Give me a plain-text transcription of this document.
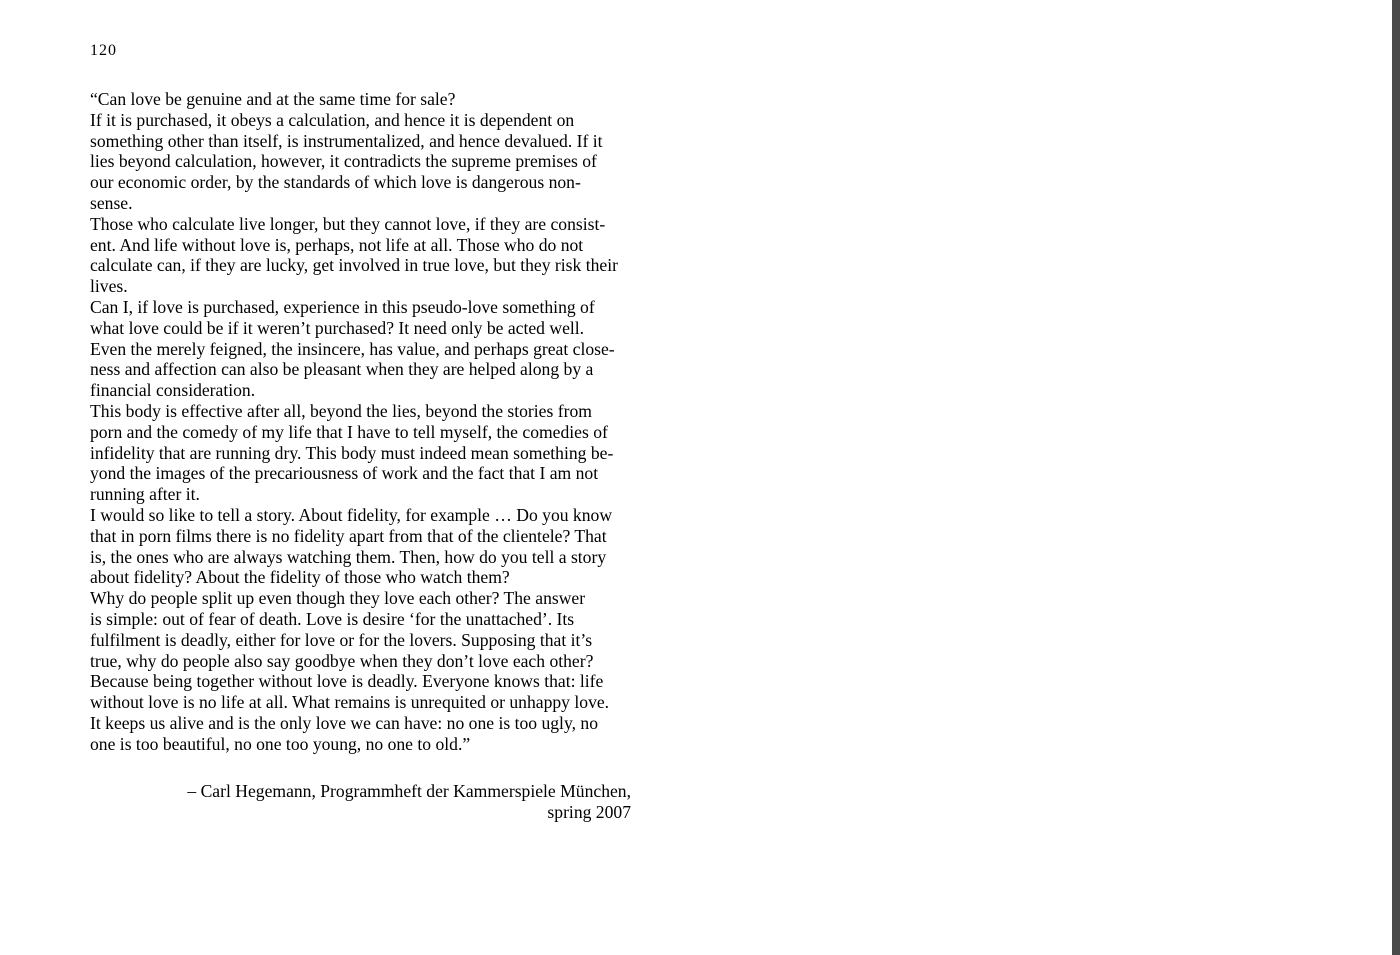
120
“Can love be genuine and at the same time for sale?
If it is purchased, it obeys a calculation, and hence it is dependent on
something other than itself, is instrumentalized, and hence devalued. If it
lies beyond calculation, however, it contradicts the supreme premises of
our economic order, by the standards of which love is dangerous non-
sense.
Those who calculate live longer, but they cannot love, if they are consist-
ent. And life without love is, perhaps, not life at all. Those who do not
calculate can, if they are lucky, get involved in true love, but they risk their
lives.
Can I, if love is purchased, experience in this pseudo-love something of
what love could be if it weren’t purchased? It need only be acted well.
Even the merely feigned, the insincere, has value, and perhaps great close-
ness and affection can also be pleasant when they are helped along by a
financial consideration.
This body is effective after all, beyond the lies, beyond the stories from
porn and the comedy of my life that I have to tell myself, the comedies of
infidelity that are running dry. This body must indeed mean something be-
yond the images of the precariousness of work and the fact that I am not
running after it.
I would so like to tell a story. About fidelity, for example … Do you know
that in porn films there is no fidelity apart from that of the clientele? That
is, the ones who are always watching them. Then, how do you tell a story
about fidelity? About the fidelity of those who watch them?
Why do people split up even though they love each other? The answer
is simple: out of fear of death. Love is desire ‘for the unattached’. Its
fulfilment is deadly, either for love or for the lovers. Supposing that it’s
true, why do people also say goodbye when they don’t love each other?
Because being together without love is deadly. Everyone knows that: life
without love is no life at all. What remains is unrequited or unhappy love.
It keeps us alive and is the only love we can have: no one is too ugly, no
one is too beautiful, no one too young, no one to old.”
– Carl Hegemann, Programmheft der Kammerspiele München,
spring 2007
